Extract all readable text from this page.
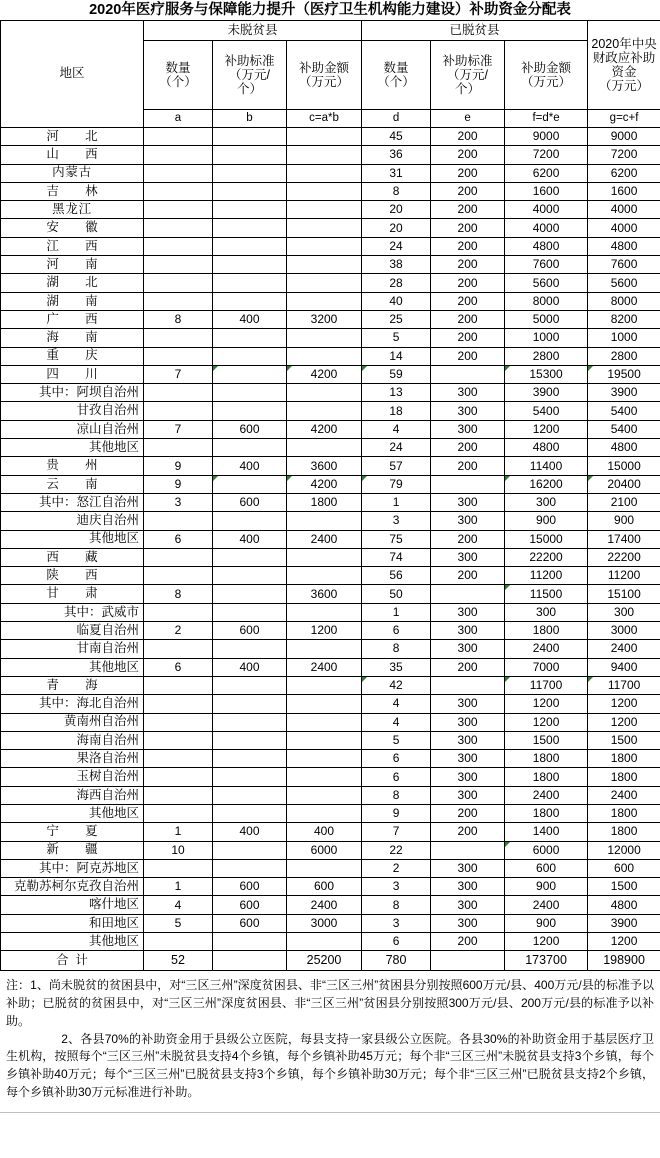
2020年医疗服务与保障能力提升（医疗卫生机构能力建设）补助资金分配表
地区	未脱贫县			已脱贫县			2020年中央
财政应补助
资金
（万元）

	数量
（个）	补助标准
（万元/
个）	补助金额
（万元）	数量
（个）	补助标准
（万元/
个）	补助金额
（万元）	

	a	b	c=a*b	d	e	f=d*e	g=c+f
河　北				45	200	9000	9000
山　西				36	200	7200	7200
内蒙古				31	200	6200	6200
吉　林				8	200	1600	1600
黑龙江				20	200	4000	4000
安　徽				20	200	4000	4000
江　西				24	200	4800	4800
河　南				38	200	7600	7600
湖　北				28	200	5600	5600
湖　南				40	200	8000	8000
广　西	8	400	3200	25	200	5000	8200
海　南				5	200	1000	1000
重　庆				14	200	2800	2800
四　川	7		4200	59		15300	19500
其中：阿坝自治州				13	300	3900	3900
甘孜自治州				18	300	5400	5400
凉山自治州	7	600	4200	4	300	1200	5400
其他地区				24	200	4800	4800
贵　州	9	400	3600	57	200	11400	15000
云　南	9		4200	79		16200	20400
其中：怒江自治州	3	600	1800	1	300	300	2100
迪庆自治州				3	300	900	900
其他地区	6	400	2400	75	200	15000	17400
西　藏				74	300	22200	22200
陕　西				56	200	11200	11200
甘　肃	8		3600	50		11500	15100
其中：武威市				1	300	300	300
临夏自治州	2	600	1200	6	300	1800	3000
甘南自治州				8	300	2400	2400
其他地区	6	400	2400	35	200	7000	9400
青　海				42		11700	11700
其中：海北自治州				4	300	1200	1200
黄南州自治州				4	300	1200	1200
海南自治州				5	300	1500	1500
果洛自治州				6	300	1800	1800
玉树自治州				6	300	1800	1800
海西自治州				8	300	2400	2400
其他地区				9	200	1800	1800
宁　夏	1	400	400	7	200	1400	1800
新　疆	10		6000	22		6000	12000
其中：阿克苏地区				2	300	600	600
克勒苏柯尔克孜自治州	1	600	600	3	300	900	1500
喀什地区	4	600	2400	8	300	2400	4800
和田地区	5	600	3000	3	300	900	3900
其他地区				6	200	1200	1200
合计	52		25200	780		173700	198900

注：1、尚未脱贫的贫困县中，对“三区三州”深度贫困县、非“三区三州”贫困县分别按照600万元/县、400万元/县的标准予以补助；已脱贫的贫困县中，对“三区三州”深度贫困县、非“三区三州”贫困县分别按照300万元/县、200万元/县的标准予以补助。

2、各县70%的补助资金用于县级公立医院，每县支持一家县级公立医院。各县30%的补助资金用于基层医疗卫生机构，按照每个“三区三州”未脱贫县支持4个乡镇，每个乡镇补助45万元；每个非“三区三州”未脱贫县支持3个乡镇，每个乡镇补助40万元；每个“三区三州”已脱贫县支持3个乡镇，每个乡镇补助30万元；每个非“三区三州”已脱贫县支持2个乡镇，每个乡镇补助30万元标准进行补助。
